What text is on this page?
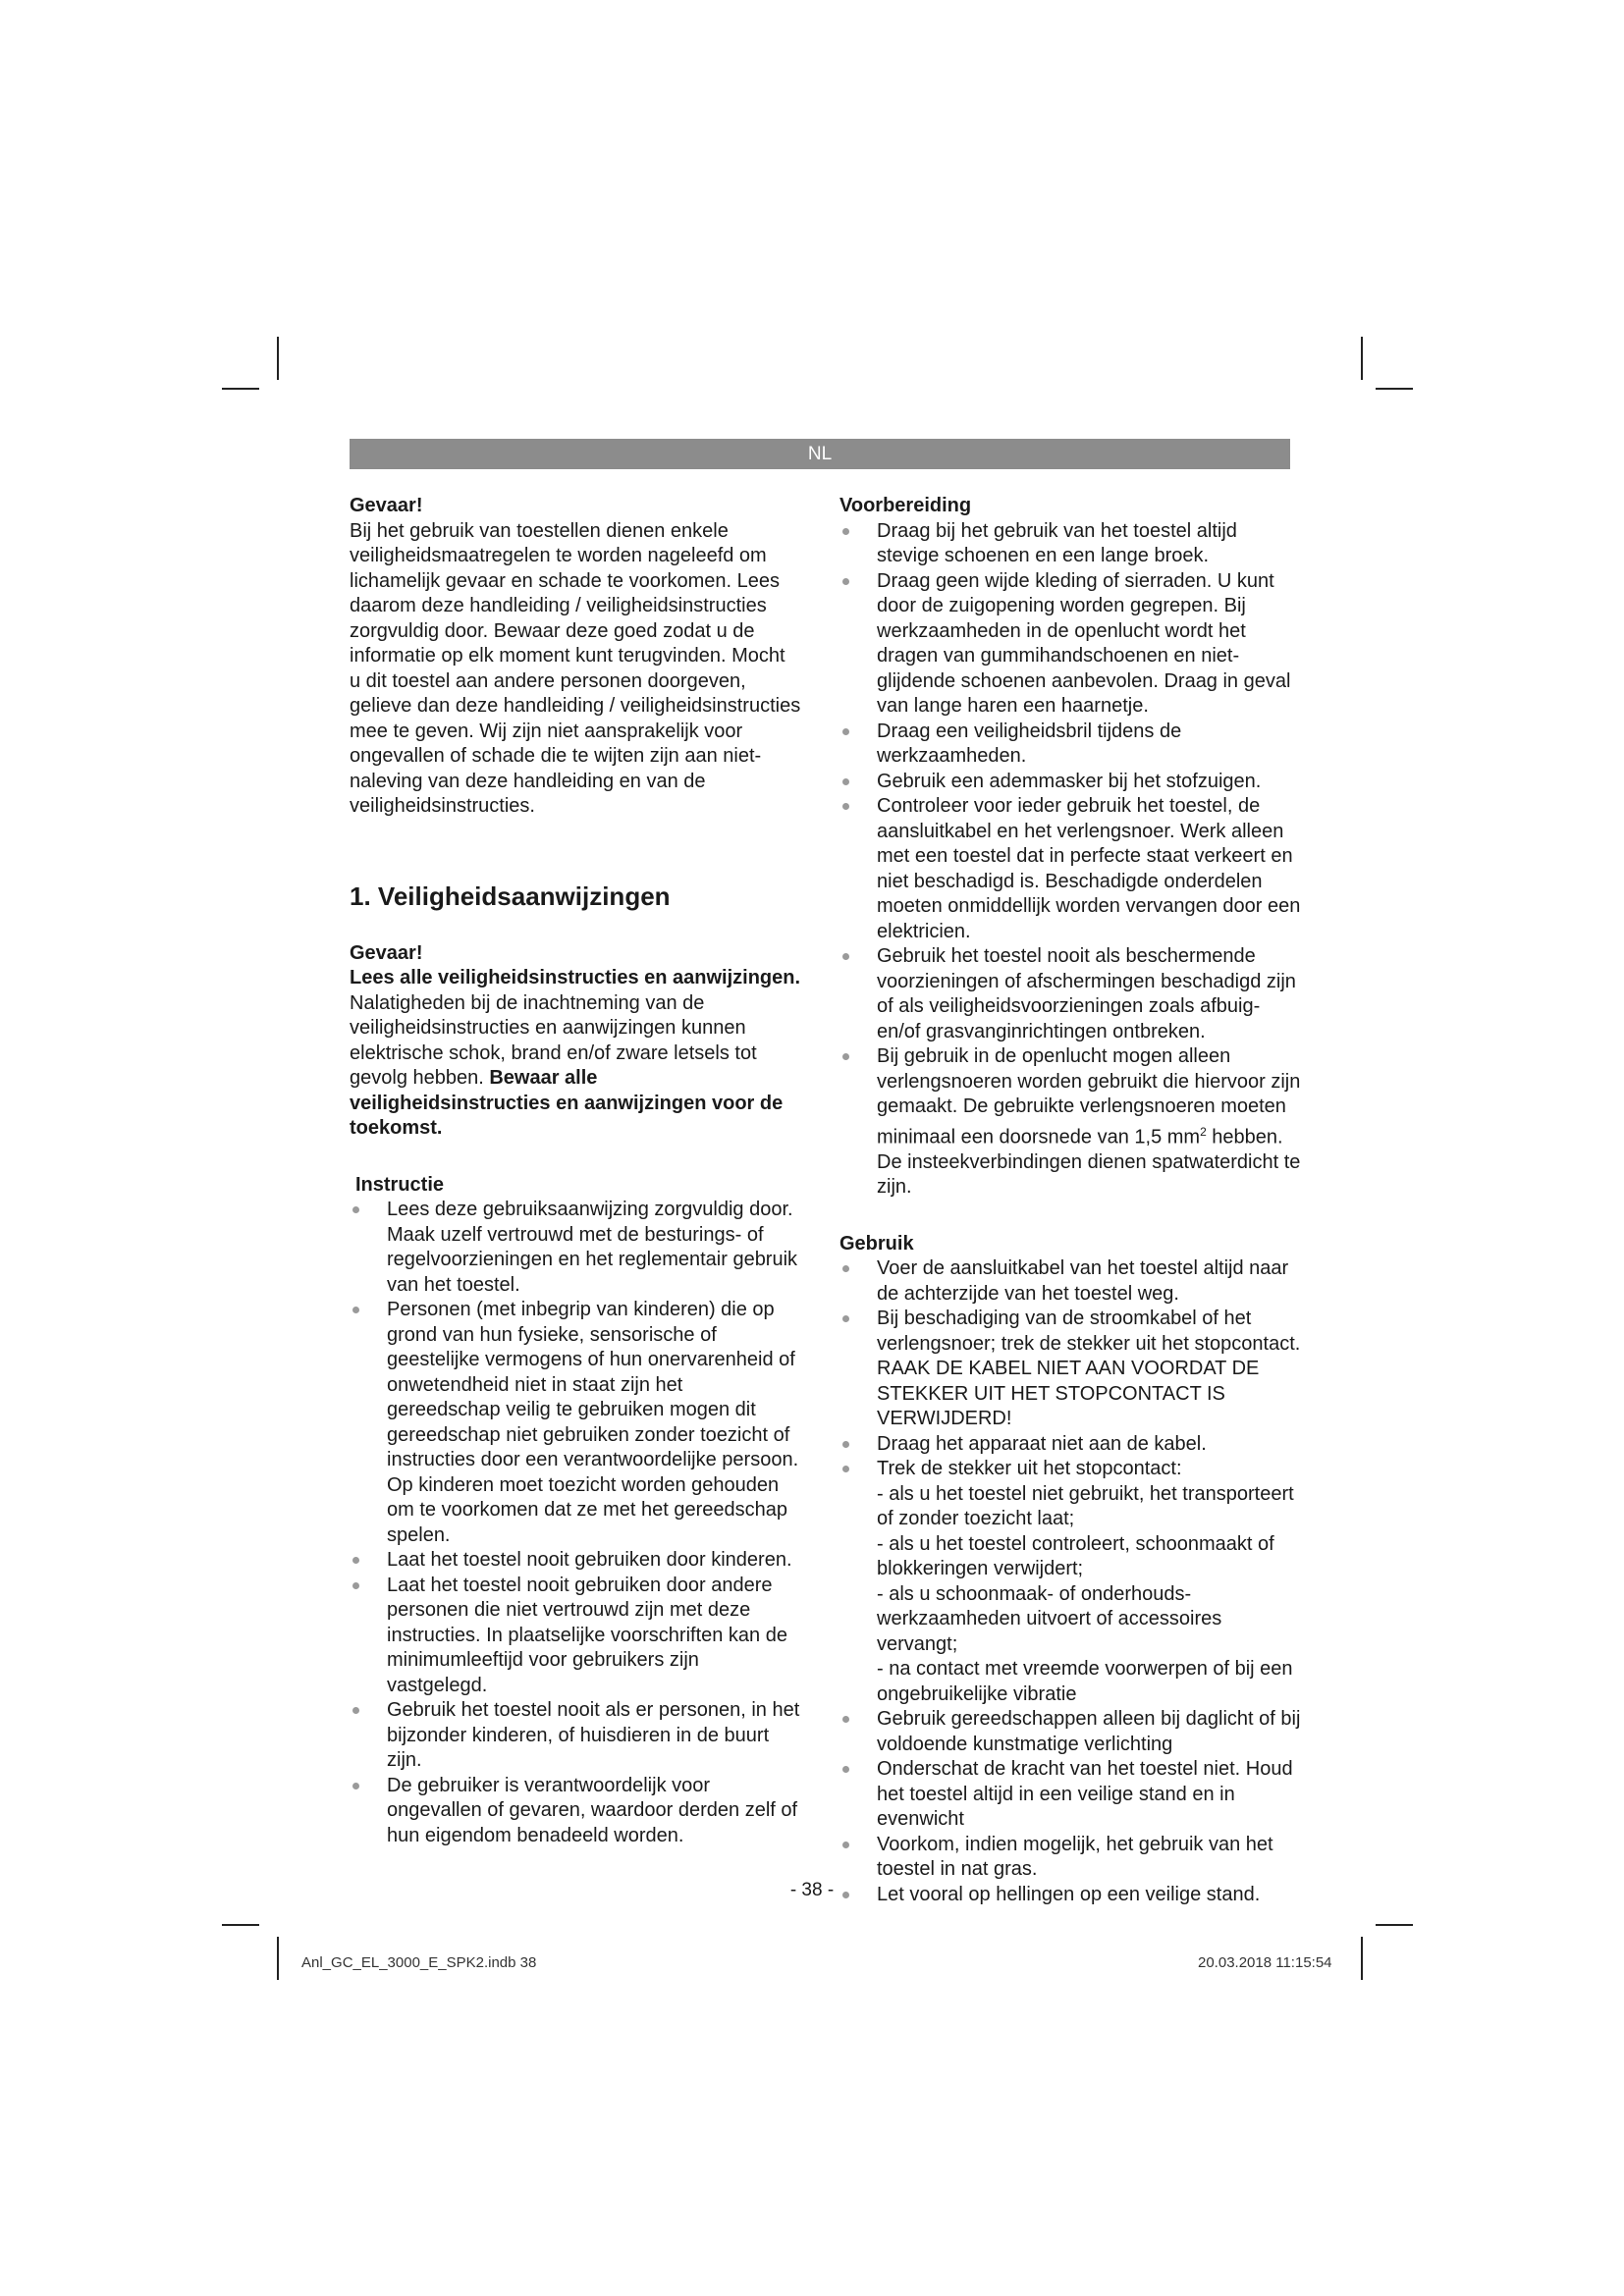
NL
Gevaar!

Bij het gebruik van toestellen dienen enkele veiligheidsmaatregelen te worden nageleefd om lichamelijk gevaar en schade te voorkomen. Lees daarom deze handleiding / veiligheidsinstructies zorgvuldig door. Bewaar deze goed zodat u de informatie op elk moment kunt terugvinden. Mocht u dit toestel aan andere personen doorgeven, gelieve dan deze handleiding / veiligheidsinstructies mee te geven. Wij zijn niet aansprakelijk voor ongevallen of schade die te wijten zijn aan niet-naleving van deze handleiding en van de veiligheidsinstructies.

1. Veiligheidsaanwijzingen
Gevaar!

Lees alle veiligheidsinstructies en aanwijzingen. Nalatigheden bij de inachtneming van de veiligheidsinstructies en aanwijzingen kunnen elektrische schok, brand en/of zware letsels tot gevolg hebben. Bewaar alle veiligheidsinstructies en aanwijzingen voor de toekomst.

Instructie
Lees deze gebruiksaanwijzing zorgvuldig door. Maak uzelf vertrouwd met de besturings- of regelvoorzieningen en het reglementair gebruik van het toestel.
Personen (met inbegrip van kinderen) die op grond van hun fysieke, sensorische of geestelijke vermogens of hun onervarenheid of onwetendheid niet in staat zijn het gereedschap veilig te gebruiken mogen dit gereedschap niet gebruiken zonder toezicht of instructies door een verantwoordelijke persoon. Op kinderen moet toezicht worden gehouden om te voorkomen dat ze met het gereedschap spelen.
Laat het toestel nooit gebruiken door kinderen.
Laat het toestel nooit gebruiken door andere personen die niet vertrouwd zijn met deze instructies. In plaatselijke voorschriften kan de minimumleeftijd voor gebruikers zijn vastgelegd.
Gebruik het toestel nooit als er personen, in het bijzonder kinderen, of huisdieren in de buurt zijn.
De gebruiker is verantwoordelijk voor ongevallen of gevaren, waardoor derden zelf of hun eigendom benadeeld worden.
Voorbereiding
Draag bij het gebruik van het toestel altijd stevige schoenen en een lange broek.
Draag geen wijde kleding of sierraden. U kunt door de zuigopening worden gegrepen. Bij werkzaamheden in de openlucht wordt het dragen van gummihandschoenen en niet-glijdende schoenen aanbevolen. Draag in geval van lange haren een haarnetje.
Draag een veiligheidsbril tijdens de werkzaamheden.
Gebruik een ademmasker bij het stofzuigen.
Controleer voor ieder gebruik het toestel, de aansluitkabel en het verlengsnoer. Werk alleen met een toestel dat in perfecte staat verkeert en niet beschadigd is. Beschadigde onderdelen moeten onmiddellijk worden vervangen door een elektricien.
Gebruik het toestel nooit als beschermende voorzieningen of afschermingen beschadigd zijn of als veiligheidsvoorzieningen zoals afbuig- en/of grasvanginrichtingen ontbreken.
Bij gebruik in de openlucht mogen alleen verlengsnoeren worden gebruikt die hiervoor zijn gemaakt. De gebruikte verlengsnoeren moeten minimaal een doorsnede van 1,5 $mm^2$ hebben. De insteekverbindingen dienen spatwaterdicht te zijn.
Gebruik
Voer de aansluitkabel van het toestel altijd naar de achterzijde van het toestel weg.
Bij beschadiging van de stroomkabel of het verlengsnoer; trek de stekker uit het stopcontact. RAAK DE KABEL NIET AAN VOORDAT DE STEKKER UIT HET STOPCONTACT IS VERWIJDERD!
Draag het apparaat niet aan de kabel.
Trek de stekker uit het stopcontact:
- als u het toestel niet gebruikt, het transporteert of zonder toezicht laat;
- als u het toestel controleert, schoonmaakt of blokkeringen verwijdert;
- als u schoonmaak- of onderhouds-werkzaamheden uitvoert of accessoires vervangt;
- na contact met vreemde voorwerpen of bij een ongebruikelijke vibratie
Gebruik gereedschappen alleen bij daglicht of bij voldoende kunstmatige verlichting
Onderschat de kracht van het toestel niet. Houd het toestel altijd in een veilige stand en in evenwicht
Voorkom, indien mogelijk, het gebruik van het toestel in nat gras.
Let vooral op hellingen op een veilige stand.
- 38 -
Anl_GC_EL_3000_E_SPK2.indb 38	20.03.2018 11:15:54
